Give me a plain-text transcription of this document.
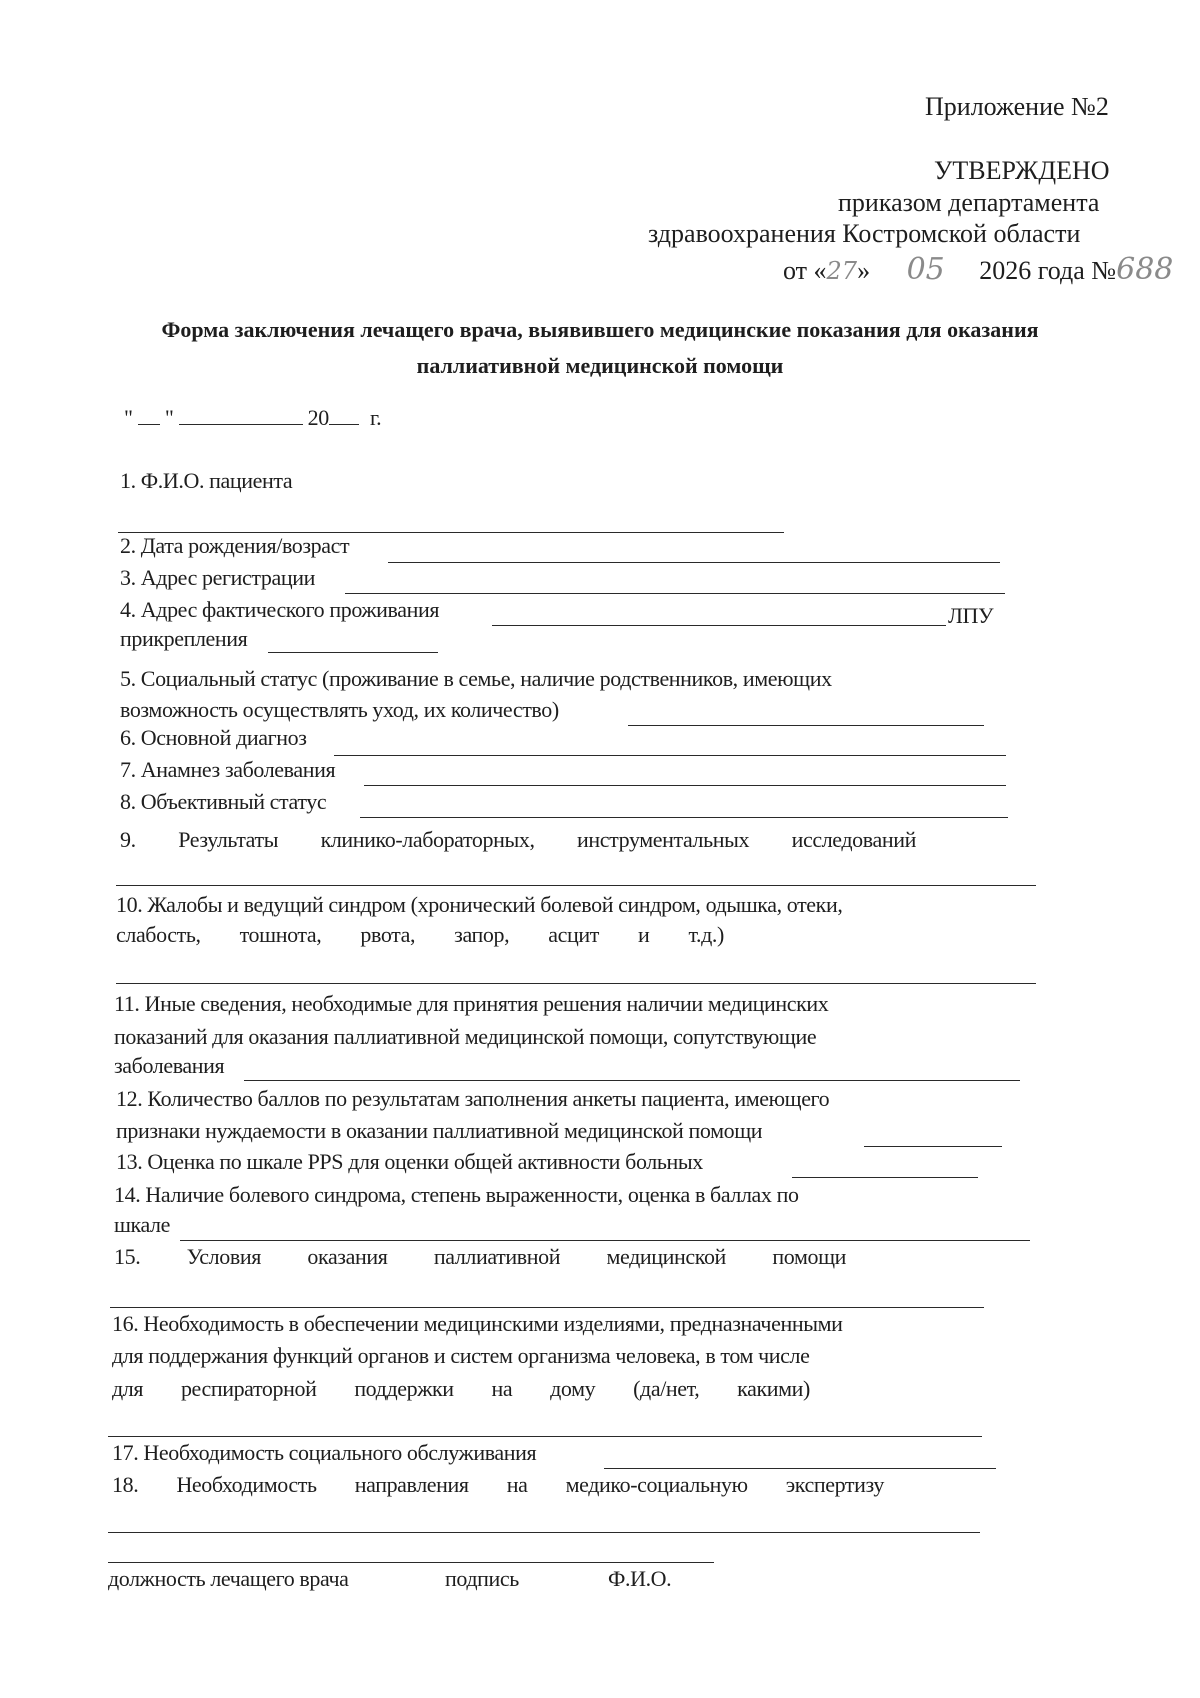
Приложение №2
УТВЕРЖДЕНО
приказом департамента
здравоохранения Костромской области
от «27» 05 2026 года №688
Форма заключения лечащего врача, выявившего медицинские показания для оказания
паллиативной медицинской помощи
" "	20 г.
1. Ф.И.О. пациента
2. Дата рождения/возраст
3. Адрес регистрации
4. Адрес фактического проживания	ЛПУ
прикрепления
5. Социальный статус (проживание в семье, наличие родственников, имеющих
возможность осуществлять уход, их количество)
6. Основной диагноз
7. Анамнез заболевания
8. Объективный статус
9. Результаты клинико-лабораторных, инструментальных исследований
10. Жалобы и ведущий синдром (хронический болевой синдром, одышка, отеки,
слабость, тошнота, рвота, запор, асцит и т.д.)
11. Иные сведения, необходимые для принятия решения наличии медицинских
показаний для оказания паллиативной медицинской помощи, сопутствующие
заболевания
12. Количество баллов по результатам заполнения анкеты пациента, имеющего
признаки нуждаемости в оказании паллиативной медицинской помощи
13. Оценка по шкале PPS для оценки общей активности больных
14. Наличие болевого синдрома, степень выраженности, оценка в баллах по
шкале
15. Условия оказания паллиативной медицинской помощи
16. Необходимость в обеспечении медицинскими изделиями, предназначенными
для поддержания функций органов и систем организма человека, в том числе
для респираторной поддержки на дому (да/нет, какими)
17. Необходимость социального обслуживания
18. Необходимость направления на медико-социальную экспертизу
должность лечащего врача	подпись	Ф.И.О.
